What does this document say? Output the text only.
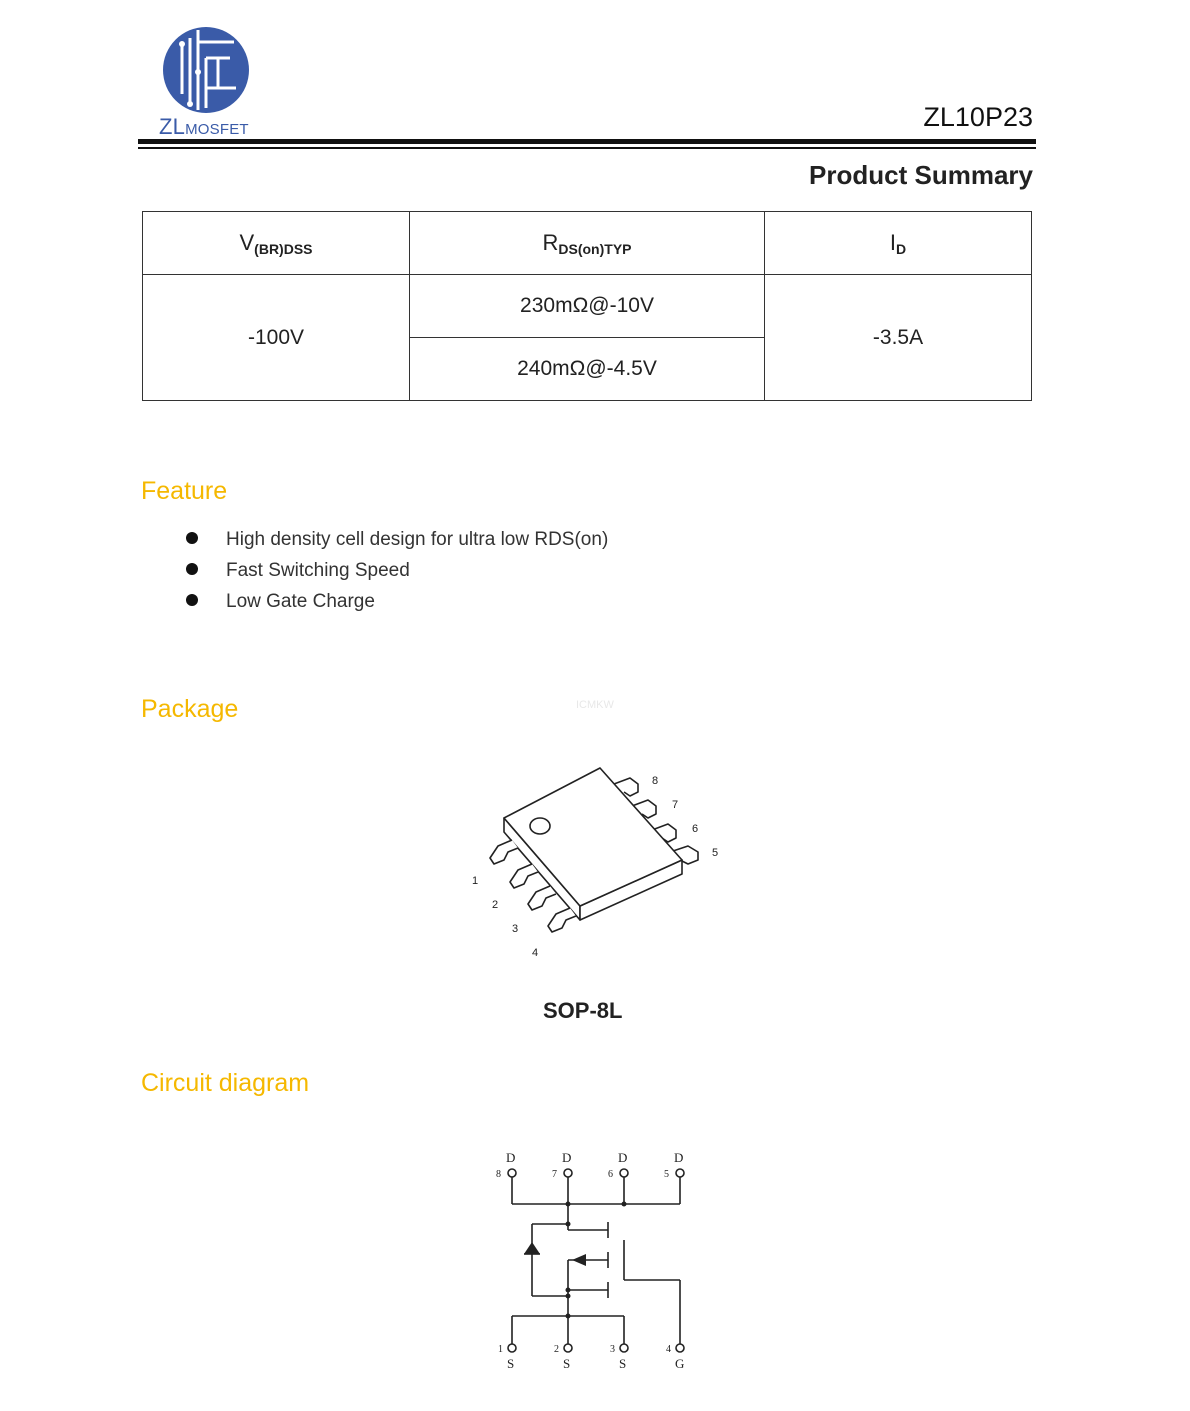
ZLMOSFET	ZL10P23
Product Summary
$V_{(BR)DSS}$	$R_{DS(on)TYP}$	$I_D$
-100V	230mΩ@-10V	-3.5A
	240mΩ@-4.5V	
Feature
High density cell design for ultra low RDS(on)
Fast Switching Speed
Low Gate Charge
Package	ICMKW
1
2
3
4
5
6
7
8
SOP-8L
Circuit diagram
D
8
D
7
D
6
D
5
1
S
2
S
3
S
4
G
